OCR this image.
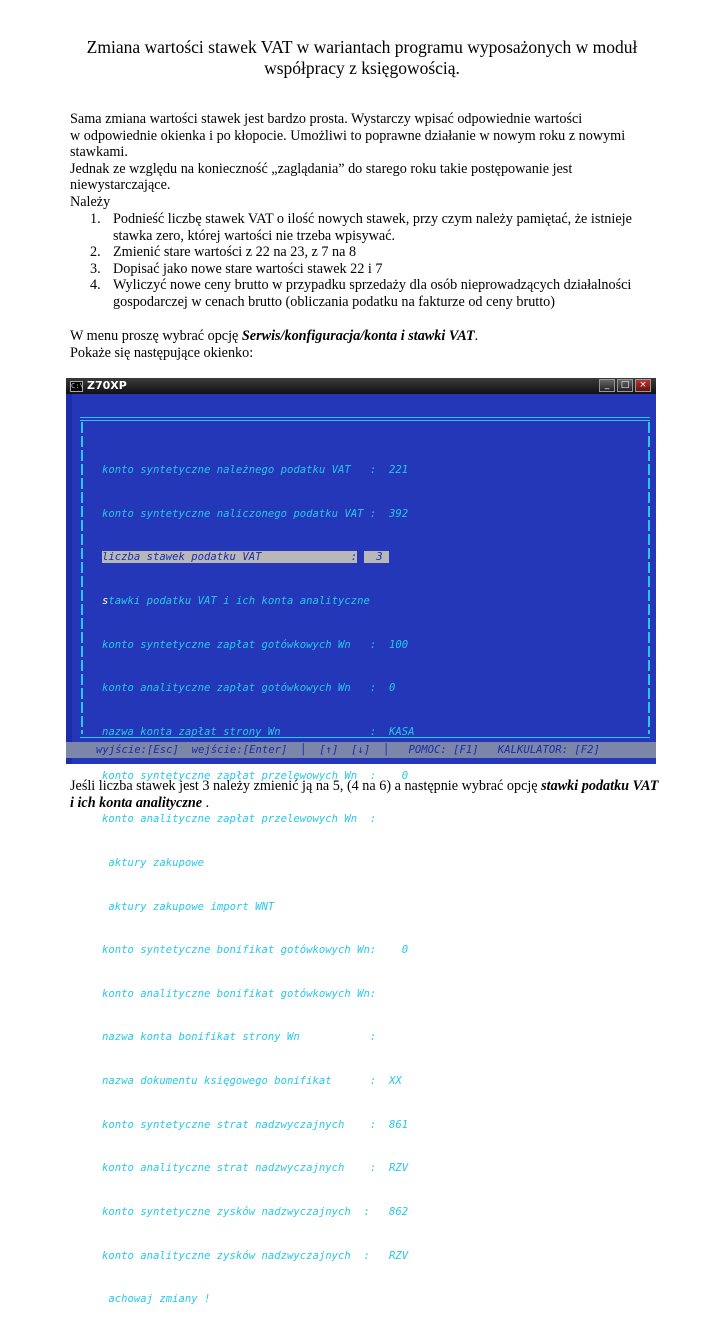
Zmiana wartości stawek VAT w wariantach programu wyposażonych w moduł współpracy z księgowością.
Sama zmiana wartości stawek jest bardzo prosta. Wystarczy wpisać odpowiednie wartości
w odpowiednie okienka i po kłopocie. Umożliwi to poprawne działanie w nowym roku z nowymi
stawkami.
Jednak ze względu na konieczność „zaglądania” do starego roku takie postępowanie jest
niewystarczające.
Należy
1. Podnieść liczbę stawek VAT o ilość nowych stawek, przy czym należy pamiętać, że istnieje
stawka zero, której wartości nie trzeba wpisywać.
2. Zmienić stare wartości z 22 na 23, z 7 na 8
3. Dopisać jako nowe stare wartości stawek 22 i 7
4. Wyliczyć nowe ceny brutto w przypadku sprzedaży dla osób nieprowadzących działalności
gospodarczej w cenach brutto (obliczania podatku na fakturze od ceny brutto)
W menu proszę wybrać opcję Serwis/konfiguracja/konta i stawki VAT.
Pokaże się następujące okienko:
C:\ Z70XP	_	□	×

konto syntetyczne należnego podatku VAT   :  221

konto syntetyczne naliczonego podatku VAT :  392

liczba stawek podatku VAT              :   3

stawki podatku VAT i ich konta analityczne

konto syntetyczne zapłat gotówkowych Wn   :  100

konto analityczne zapłat gotówkowych Wn   :  0

nazwa konta zapłat strony Wn              :  KASA

konto syntetyczne zapłat przelewowych Wn  :    0

konto analityczne zapłat przelewowych Wn  :

faktury zakupowe

faktury zakupowe import WNT

konto syntetyczne bonifikat gotówkowych Wn:    0

konto analityczne bonifikat gotówkowych Wn:

nazwa konta bonifikat strony Wn           :

nazwa dokumentu księgowego bonifikat      :  XX

konto syntetyczne strat nadzwyczajnych    :  861

konto analityczne strat nadzwyczajnych    :  RZV

konto syntetyczne zysków nadzwyczajnych  :   862

konto analityczne zysków nadzwyczajnych  :   RZV

Zachowaj zmiany !

wyjście:[Esc]  wejście:[Enter]  │  [↑]  [↓]  │   POMOC: [F1]   KALKULATOR: [F2]
Jeśli liczba stawek jest 3 należy zmienić ją na 5, (4 na 6) a następnie wybrać opcję stawki podatku VAT i ich konta analityczne .
